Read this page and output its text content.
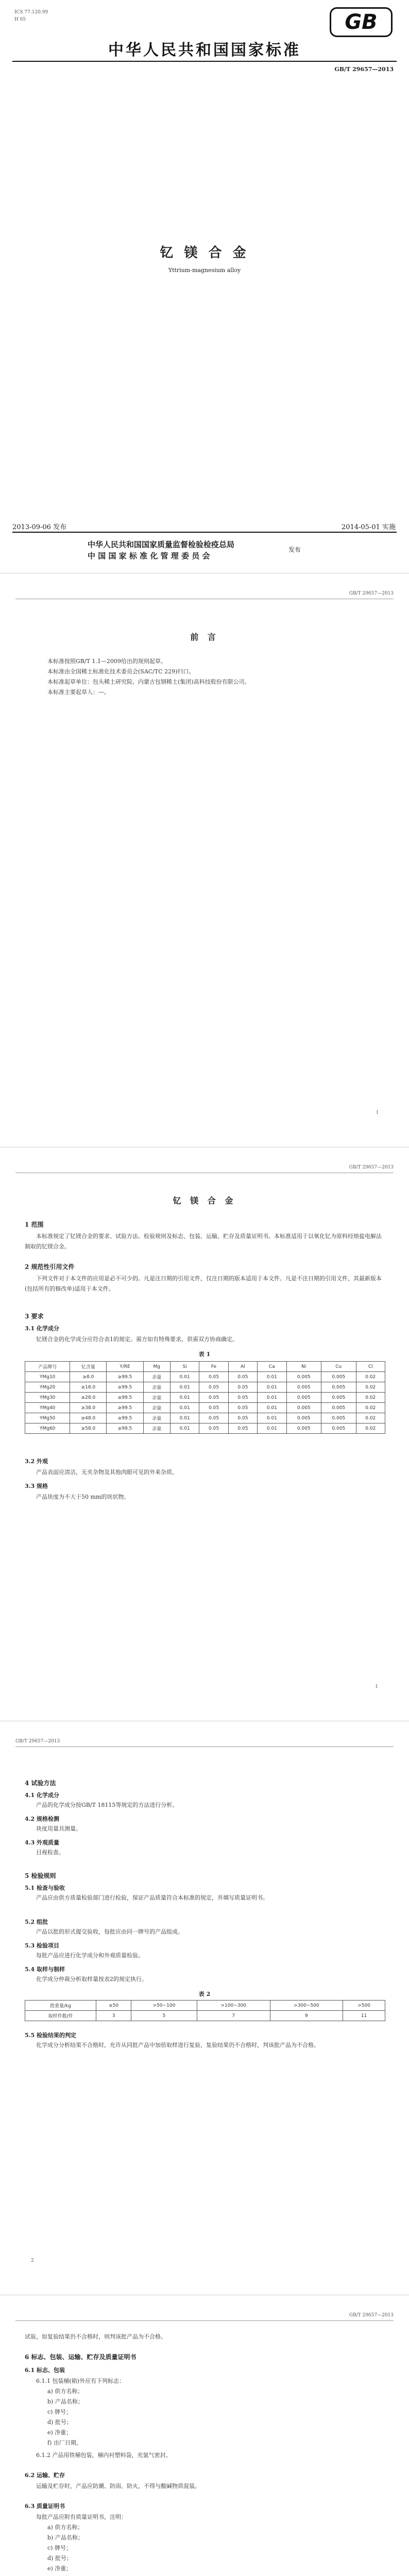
ICS 77.120.99
H 65	GB
中华人民共和国国家标准
GB/T 29657—2013
钇 镁 合 金
Yttrium-magnesium alloy
2013-09-06 发布	2014-05-01 实施
中华人民共和国国家质量监督检验检疫总局
中 国 国 家 标 准 化 管 理 委 员 会
发布
GB/T 29657—2013
前 言

本标准按照GB/T 1.1—2009给出的规则起草。

本标准由全国稀土标准化技术委员会(SAC/TC 229)归口。

本标准起草单位：包头稀土研究院、内蒙古包钢稀土(集团)高科技股份有限公司。

本标准主要起草人：—。

I
GB/T 29657—2013
钇 镁 合 金
1 范围
本标准规定了钇镁合金的要求、试验方法、检验规则及标志、包装、运输、贮存及质量证明书。本标准适用于以氧化钇为原料经熔盐电解法制取的钇镁合金。
2 规范性引用文件
下列文件对于本文件的应用是必不可少的。凡是注日期的引用文件，仅注日期的版本适用于本文件。凡是不注日期的引用文件，其最新版本(包括所有的修改单)适用于本文件。
3 要求
3.1 化学成分
钇镁合金的化学成分应符合表1的规定。需方如有特殊要求，供需双方协商确定。
表 1
产品牌号	钇含量	Y/RE	Mg	Si	Fe	Al	Ca	Ni	Cu	Cl
YMg10	≥8.0	≥99.5	余量	0.01	0.05	0.05	0.01	0.005	0.005	0.02
YMg20	≥18.0	≥99.5	余量	0.01	0.05	0.05	0.01	0.005	0.005	0.02
YMg30	≥28.0	≥99.5	余量	0.01	0.05	0.05	0.01	0.005	0.005	0.02
YMg40	≥38.0	≥99.5	余量	0.01	0.05	0.05	0.01	0.005	0.005	0.02
YMg50	≥48.0	≥99.5	余量	0.01	0.05	0.05	0.01	0.005	0.005	0.02
YMg60	≥58.0	≥99.5	余量	0.01	0.05	0.05	0.01	0.005	0.005	0.02
3.2 外观
产品表面应清洁，无夹杂物及其他肉眼可见的外来杂质。
3.3 规格
产品块度为不大于50 mm的块状物。
1
GB/T 29657—2013
4 试验方法
4.1 化学成分
产品的化学成分按GB/T 18115等规定的方法进行分析。
4.2 规格检测
块度用量具测量。
4.3 外观质量
目视检查。
5 检验规则
5.1 检查与验收
产品应由供方质量检验部门进行检验，保证产品质量符合本标准的规定，并填写质量证明书。
5.2 组批
产品以批的形式提交验收，每批应由同一牌号的产品组成。
5.3 检验项目
每批产品应进行化学成分和外观质量检验。
5.4 取样与制样
化学成分仲裁分析取样量按表2的规定执行。
表 2
批重量/kg	≤50	>50~100	>100~300	>300~500	>500
取样件数/件	3	5	7	9	11
5.5 检验结果的判定
化学成分分析结果不合格时，允许从同批产品中加倍取样进行复验，复验结果仍不合格时，判该批产品为不合格。
2
GB/T 29657—2013
试验，如复验结果仍不合格时，则判该批产品为不合格。
6 标志、包装、运输、贮存及质量证明书
6.1 标志、包装
6.1.1 包装桶(箱)外应有下列标志：
a) 供方名称；
b) 产品名称；
c) 牌号；
d) 批号；
e) 净重；
f) 出厂日期。
6.1.2 产品用铁桶包装，桶内衬塑料袋，充氩气密封。
6.2 运输、贮存
运输及贮存时，产品应防潮、防雨、防火，不得与酸碱物质混装。
6.3 质量证明书
每批产品应附有质量证明书，注明：
a) 供方名称；
b) 产品名称；
c) 牌号；
d) 批号；
e) 净重；
